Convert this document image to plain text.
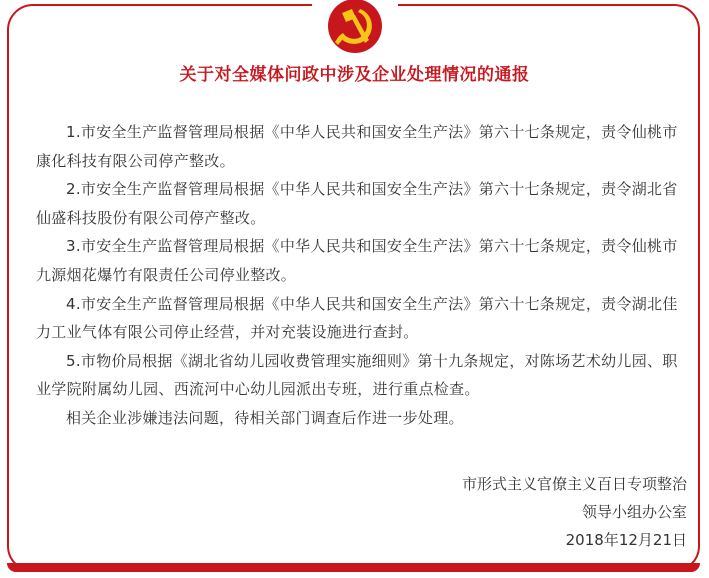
关于对全媒体问政中涉及企业处理情况的通报

1.市安全生产监督管理局根据《中华人民共和国安全生产法》第六十七条规定，责令仙桃市康化科技有限公司停产整改。

2.市安全生产监督管理局根据《中华人民共和国安全生产法》第六十七条规定，责令湖北省仙盛科技股份有限公司停产整改。

3.市安全生产监督管理局根据《中华人民共和国安全生产法》第六十七条规定，责令仙桃市九源烟花爆竹有限责任公司停业整改。

4.市安全生产监督管理局根据《中华人民共和国安全生产法》第六十七条规定，责令湖北佳力工业气体有限公司停止经营，并对充装设施进行查封。

5.市物价局根据《湖北省幼儿园收费管理实施细则》第十九条规定，对陈场艺术幼儿园、职业学院附属幼儿园、西流河中心幼儿园派出专班，进行重点检查。

相关企业涉嫌违法问题，待相关部门调查后作进一步处理。

市形式主义官僚主义百日专项整治
领导小组办公室
2018年12月21日
